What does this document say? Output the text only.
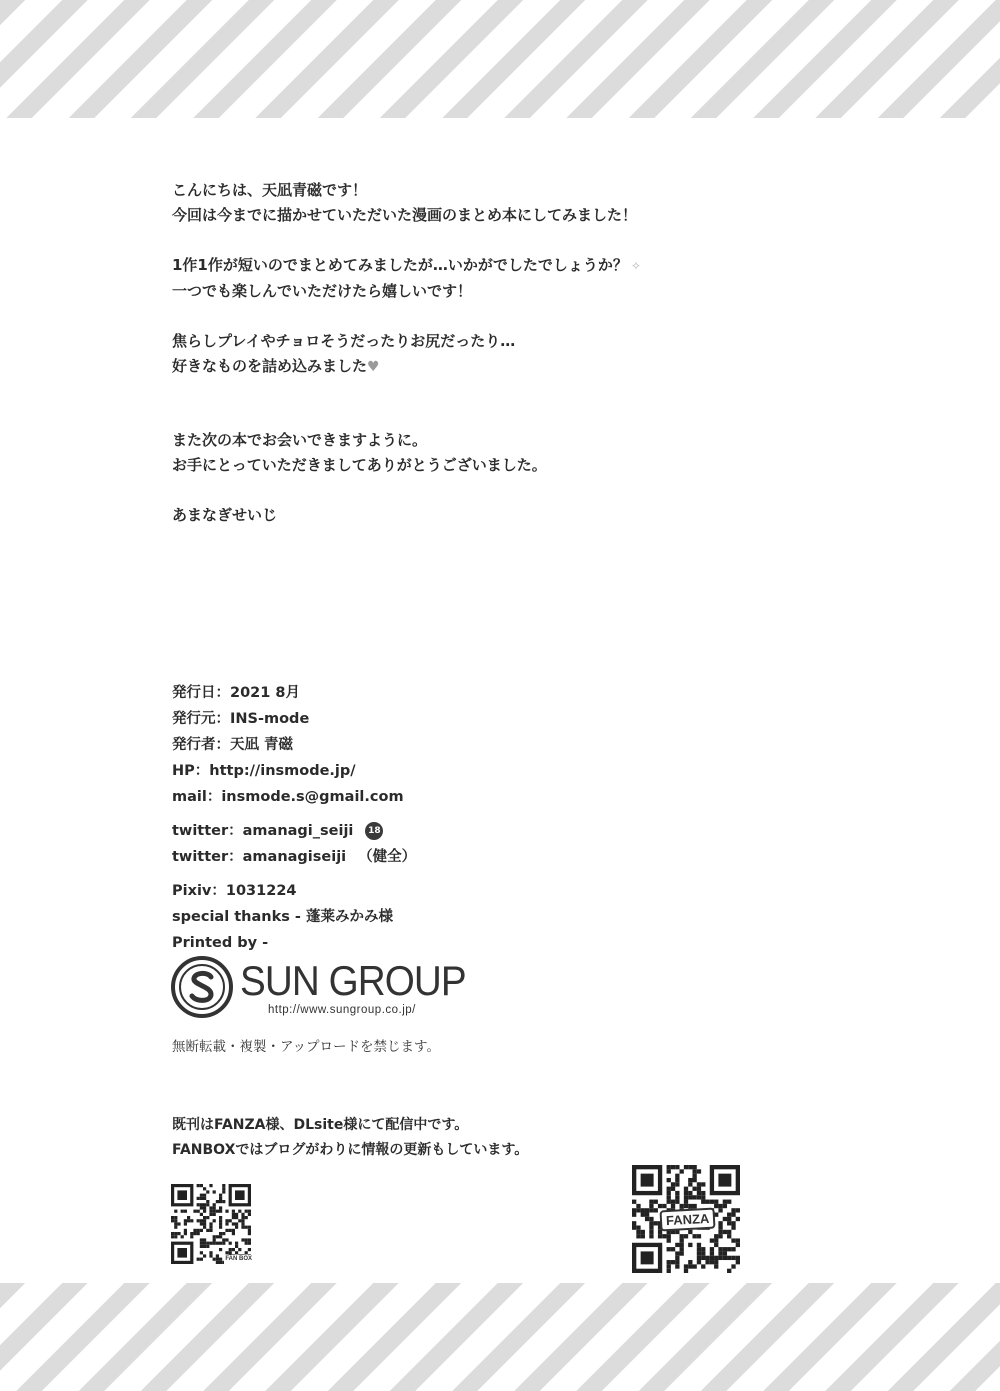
こんにちは、天凪青磁です！

今回は今までに描かせていただいた漫画のまとめ本にしてみました！

1作1作が短いのでまとめてみましたが…いかがでしたでしょうか？ ✧

一つでも楽しんでいただけたら嬉しいです！

焦らしプレイやチョロそうだったりお尻だったり…

好きなものを詰め込みました♥

また次の本でお会いできますように。

お手にとっていただきましてありがとうございました。

あまなぎせいじ

発行日：2021 8月
発行元：INS-mode
発行者：天凪 青磁
HP：http://insmode.jp/
mail：insmode.s@gmail.com
twitter：amanagi_seiji 18
twitter：amanagiseiji （健全）
Pixiv：1031224
special thanks - 蓬莱みかみ様
Printed by -
SUN GROUP
http://www.sungroup.co.jp/
無断転載・複製・アップロードを禁じます。

既刊はFANZA様、DLsite様にて配信中です。

FANBOXではブログがわりに情報の更新もしています。

FAN BOX
FANZA
